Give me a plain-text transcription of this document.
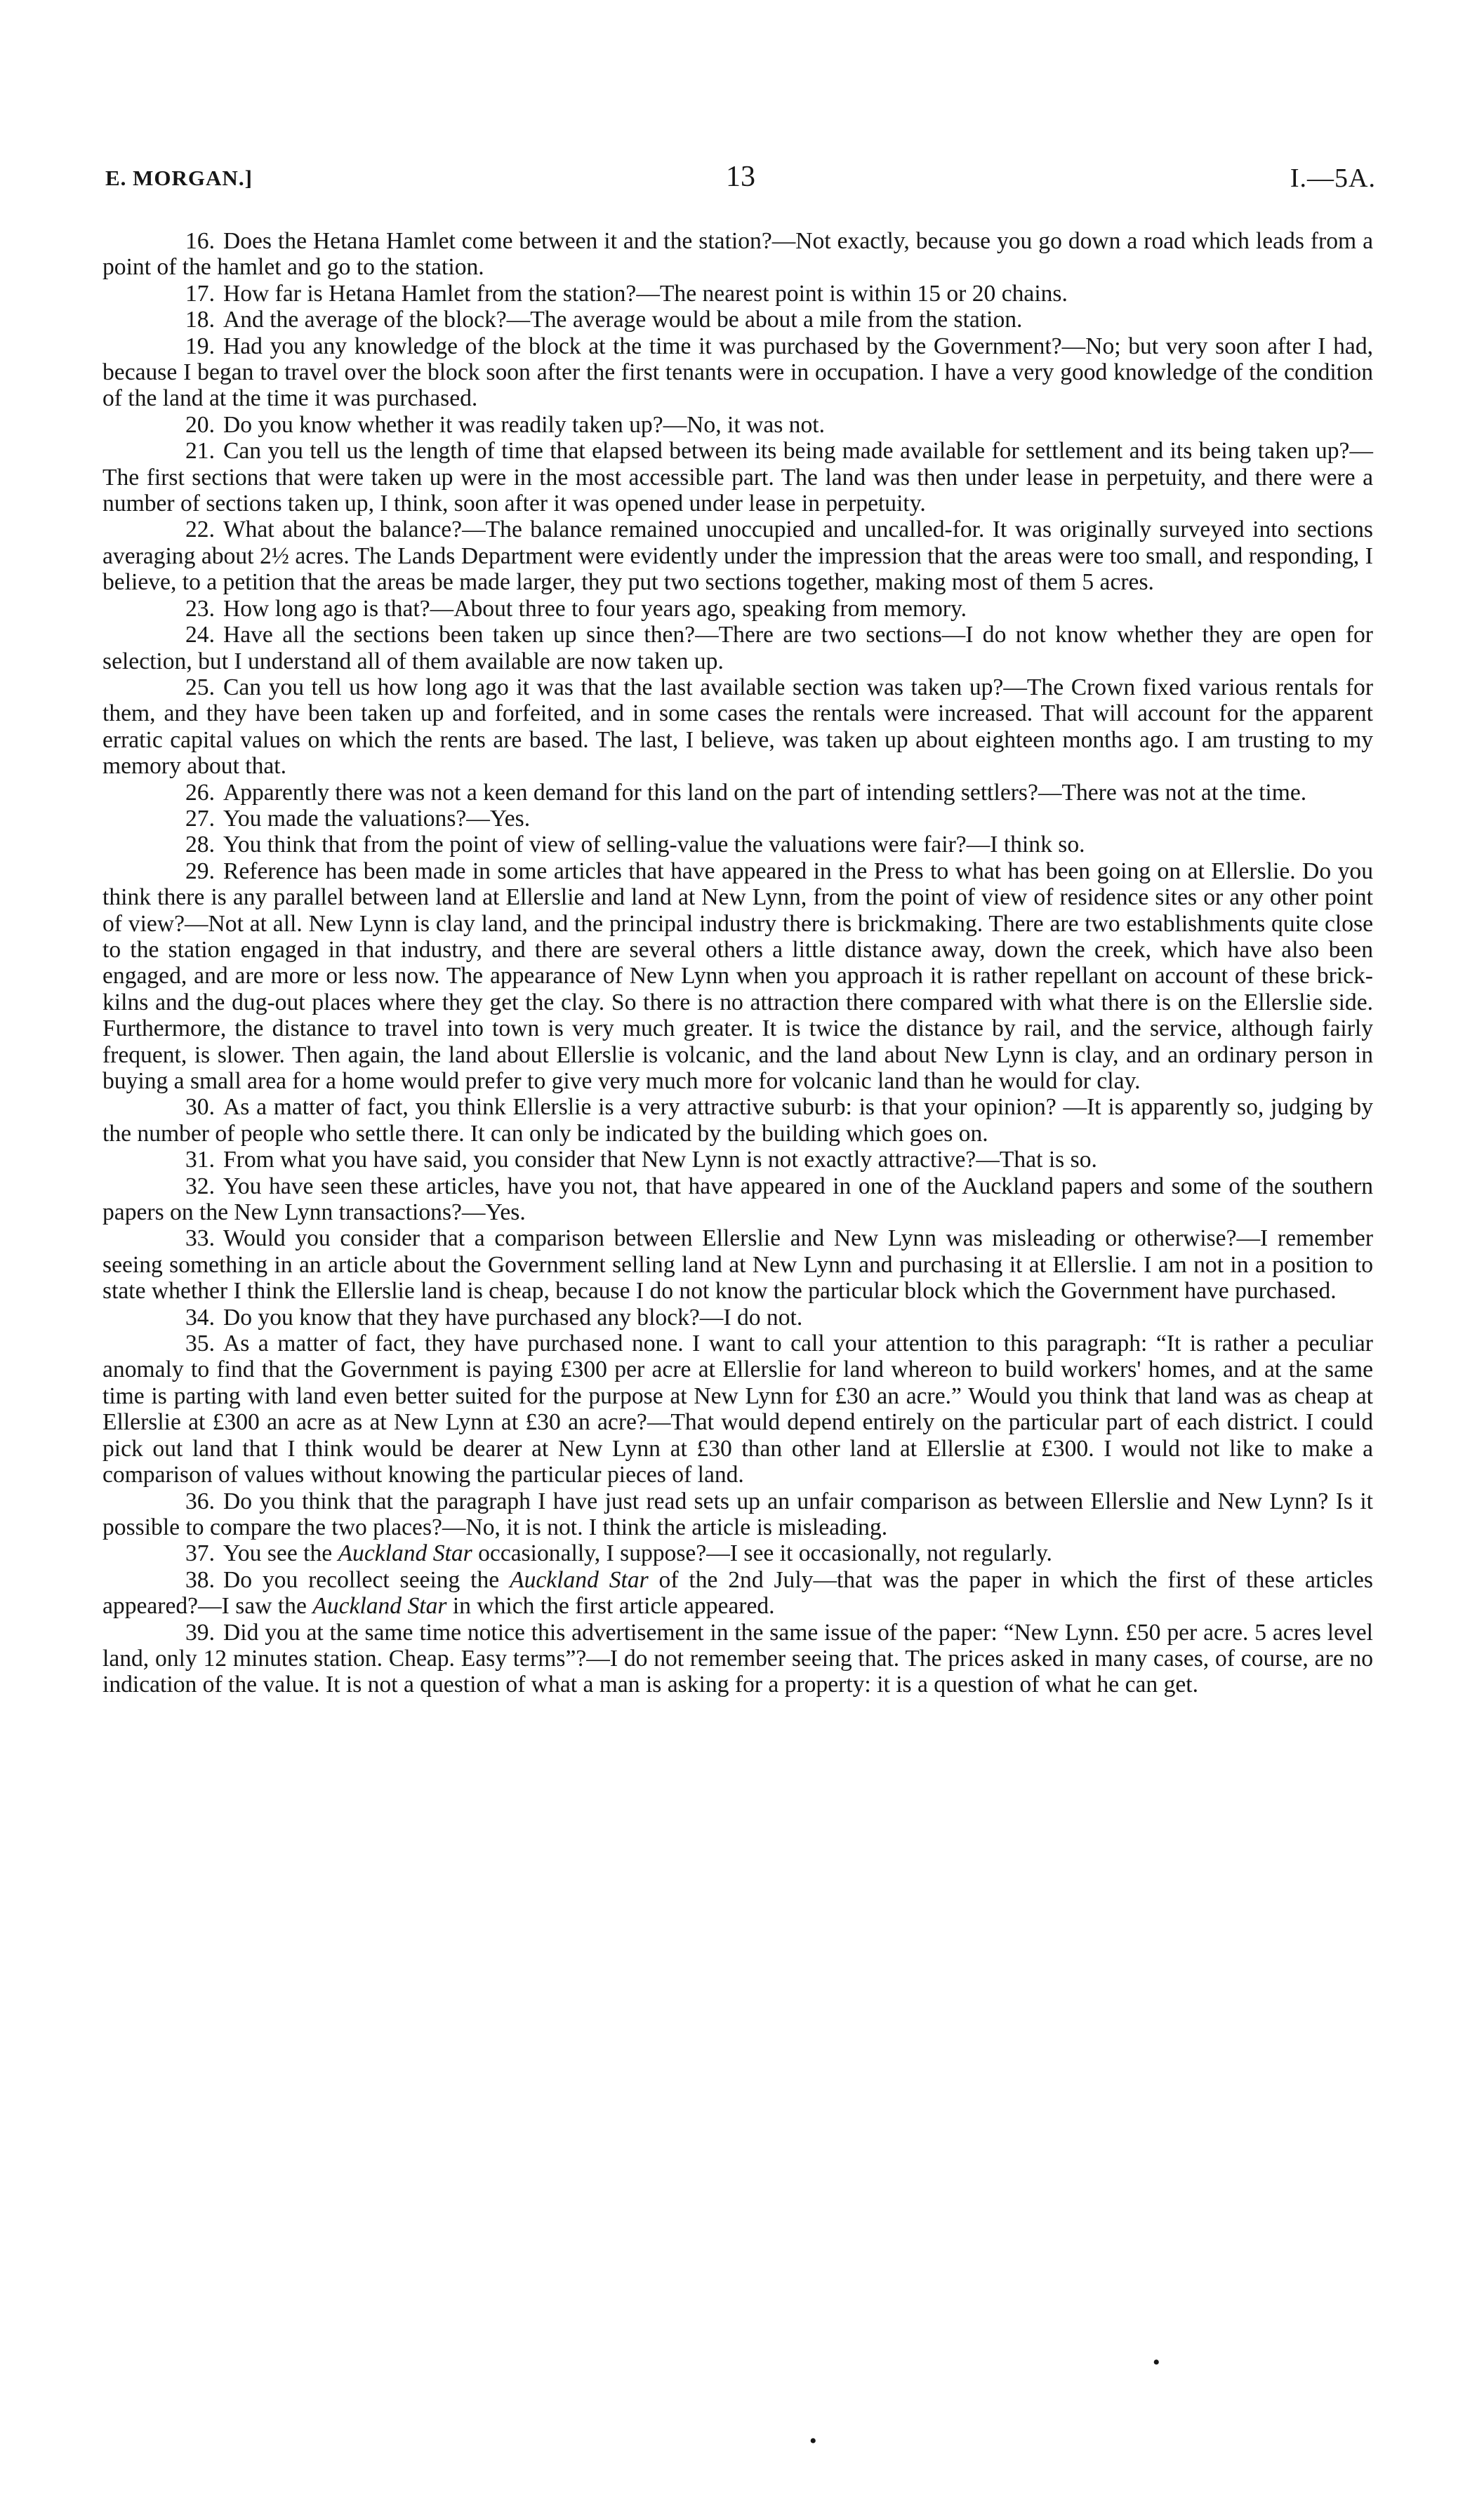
E. MORGAN.]	13	I.—5A.

16. Does the Hetana Hamlet come between it and the station?—Not exactly, because you go down a road which leads from a point of the hamlet and go to the station.

17. How far is Hetana Hamlet from the station?—The nearest point is within 15 or 20 chains.

18. And the average of the block?—The average would be about a mile from the station.

19. Had you any knowledge of the block at the time it was purchased by the Government?—No; but very soon after I had, because I began to travel over the block soon after the first tenants were in occupation. I have a very good knowledge of the condition of the land at the time it was purchased.

20. Do you know whether it was readily taken up?—No, it was not.

21. Can you tell us the length of time that elapsed between its being made available for settlement and its being taken up?—The first sections that were taken up were in the most accessible part. The land was then under lease in perpetuity, and there were a number of sections taken up, I think, soon after it was opened under lease in perpetuity.

22. What about the balance?—The balance remained unoccupied and uncalled-for. It was originally surveyed into sections averaging about 2½ acres. The Lands Department were evidently under the impression that the areas were too small, and responding, I believe, to a petition that the areas be made larger, they put two sections together, making most of them 5 acres.

23. How long ago is that?—About three to four years ago, speaking from memory.

24. Have all the sections been taken up since then?—There are two sections—I do not know whether they are open for selection, but I understand all of them available are now taken up.

25. Can you tell us how long ago it was that the last available section was taken up?—The Crown fixed various rentals for them, and they have been taken up and forfeited, and in some cases the rentals were increased. That will account for the apparent erratic capital values on which the rents are based. The last, I believe, was taken up about eighteen months ago. I am trusting to my memory about that.

26. Apparently there was not a keen demand for this land on the part of intending settlers?—There was not at the time.

27. You made the valuations?—Yes.

28. You think that from the point of view of selling-value the valuations were fair?—I think so.

29. Reference has been made in some articles that have appeared in the Press to what has been going on at Ellerslie. Do you think there is any parallel between land at Ellerslie and land at New Lynn, from the point of view of residence sites or any other point of view?—Not at all. New Lynn is clay land, and the principal industry there is brickmaking. There are two establishments quite close to the station engaged in that industry, and there are several others a little distance away, down the creek, which have also been engaged, and are more or less now. The appearance of New Lynn when you approach it is rather repellant on account of these brick-kilns and the dug-out places where they get the clay. So there is no attraction there compared with what there is on the Ellerslie side. Furthermore, the distance to travel into town is very much greater. It is twice the distance by rail, and the service, although fairly frequent, is slower. Then again, the land about Ellerslie is volcanic, and the land about New Lynn is clay, and an ordinary person in buying a small area for a home would prefer to give very much more for volcanic land than he would for clay.

30. As a matter of fact, you think Ellerslie is a very attractive suburb: is that your opinion? —It is apparently so, judging by the number of people who settle there. It can only be indicated by the building which goes on.

31. From what you have said, you consider that New Lynn is not exactly attractive?—That is so.

32. You have seen these articles, have you not, that have appeared in one of the Auckland papers and some of the southern papers on the New Lynn transactions?—Yes.

33. Would you consider that a comparison between Ellerslie and New Lynn was misleading or otherwise?—I remember seeing something in an article about the Government selling land at New Lynn and purchasing it at Ellerslie. I am not in a position to state whether I think the Ellerslie land is cheap, because I do not know the particular block which the Government have purchased.

34. Do you know that they have purchased any block?—I do not.

35. As a matter of fact, they have purchased none. I want to call your attention to this paragraph: “It is rather a peculiar anomaly to find that the Government is paying £300 per acre at Ellerslie for land whereon to build workers' homes, and at the same time is parting with land even better suited for the purpose at New Lynn for £30 an acre.” Would you think that land was as cheap at Ellerslie at £300 an acre as at New Lynn at £30 an acre?—That would depend entirely on the particular part of each district. I could pick out land that I think would be dearer at New Lynn at £30 than other land at Ellerslie at £300. I would not like to make a comparison of values without knowing the particular pieces of land.

36. Do you think that the paragraph I have just read sets up an unfair comparison as between Ellerslie and New Lynn? Is it possible to compare the two places?—No, it is not. I think the article is misleading.

37. You see the Auckland Star occasionally, I suppose?—I see it occasionally, not regularly.

38. Do you recollect seeing the Auckland Star of the 2nd July—that was the paper in which the first of these articles appeared?—I saw the Auckland Star in which the first article appeared.

39. Did you at the same time notice this advertisement in the same issue of the paper: “New Lynn. £50 per acre. 5 acres level land, only 12 minutes station. Cheap. Easy terms”?—I do not remember seeing that. The prices asked in many cases, of course, are no indication of the value. It is not a question of what a man is asking for a property: it is a question of what he can get.

•
•
